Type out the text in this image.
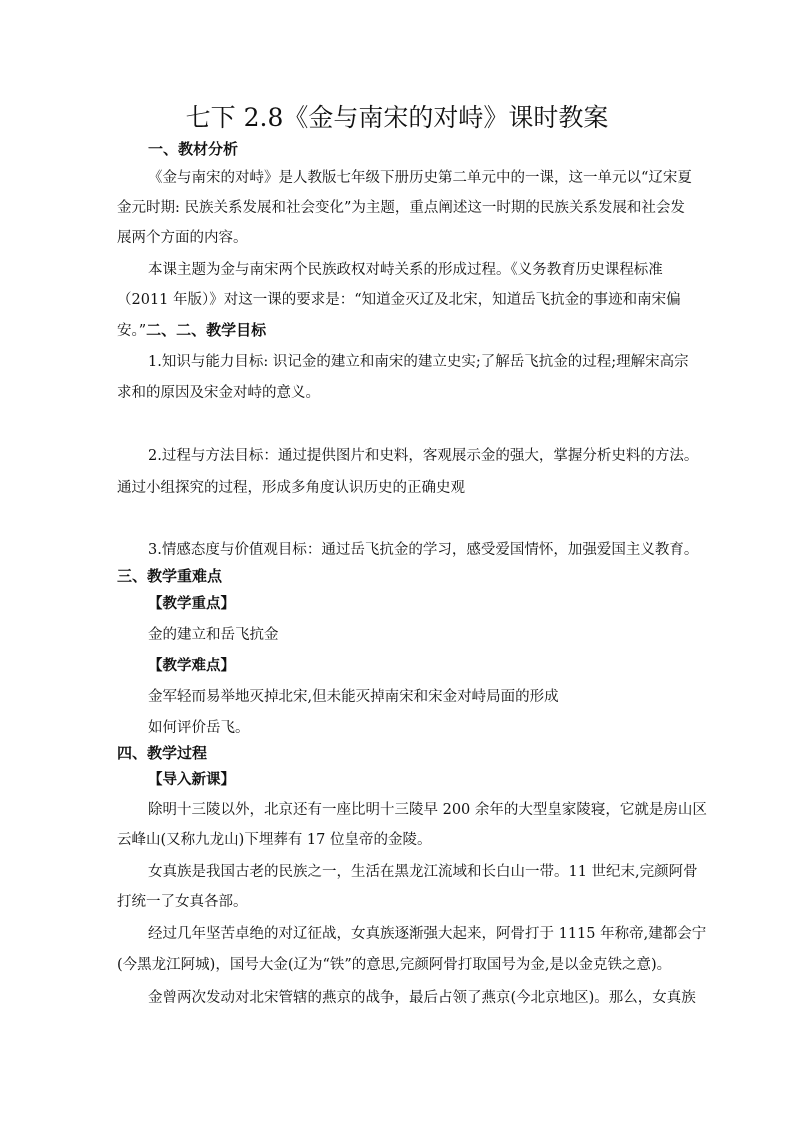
七下 2.8《金与南宋的对峙》课时教案
一、教材分析
《金与南宋的对峙》是人教版七年级下册历史第二单元中的一课，这一单元以“辽宋夏
金元时期: 民族关系发展和社会变化”为主题，重点阐述这一时期的民族关系发展和社会发
展两个方面的内容。
本课主题为金与南宋两个民族政权对峙关系的形成过程。《义务教育历史课程标准
（2011 年版）》对这一课的要求是：“知道金灭辽及北宋，知道岳飞抗金的事迹和南宋偏
安。”二、二、教学目标
1.知识与能力目标: 识记金的建立和南宋的建立史实;了解岳飞抗金的过程;理解宋高宗
求和的原因及宋金对峙的意义。
2.过程与方法目标：通过提供图片和史料，客观展示金的强大，掌握分析史料的方法。
通过小组探究的过程，形成多角度认识历史的正确史观
3.情感态度与价值观目标：通过岳飞抗金的学习，感受爱国情怀，加强爱国主义教育。
三、教学重难点
【教学重点】
金的建立和岳飞抗金
【教学难点】
金军轻而易举地灭掉北宋,但未能灭掉南宋和宋金对峙局面的形成
如何评价岳飞。
四、教学过程
【导入新课】
除明十三陵以外，北京还有一座比明十三陵早 200 余年的大型皇家陵寝，它就是房山区
云峰山(又称九龙山)下埋葬有 17 位皇帝的金陵。
女真族是我国古老的民族之一，生活在黑龙江流域和长白山一带。11 世纪末,完颜阿骨
打统一了女真各部。
经过几年坚苦卓绝的对辽征战，女真族逐渐强大起来，阿骨打于 1115 年称帝,建都会宁
(今黑龙江阿城)，国号大金(辽为“铁”的意思,完颜阿骨打取国号为金,是以金克铁之意)。
金曾两次发动对北宋管辖的燕京的战争，最后占领了燕京(今北京地区)。那么，女真族
